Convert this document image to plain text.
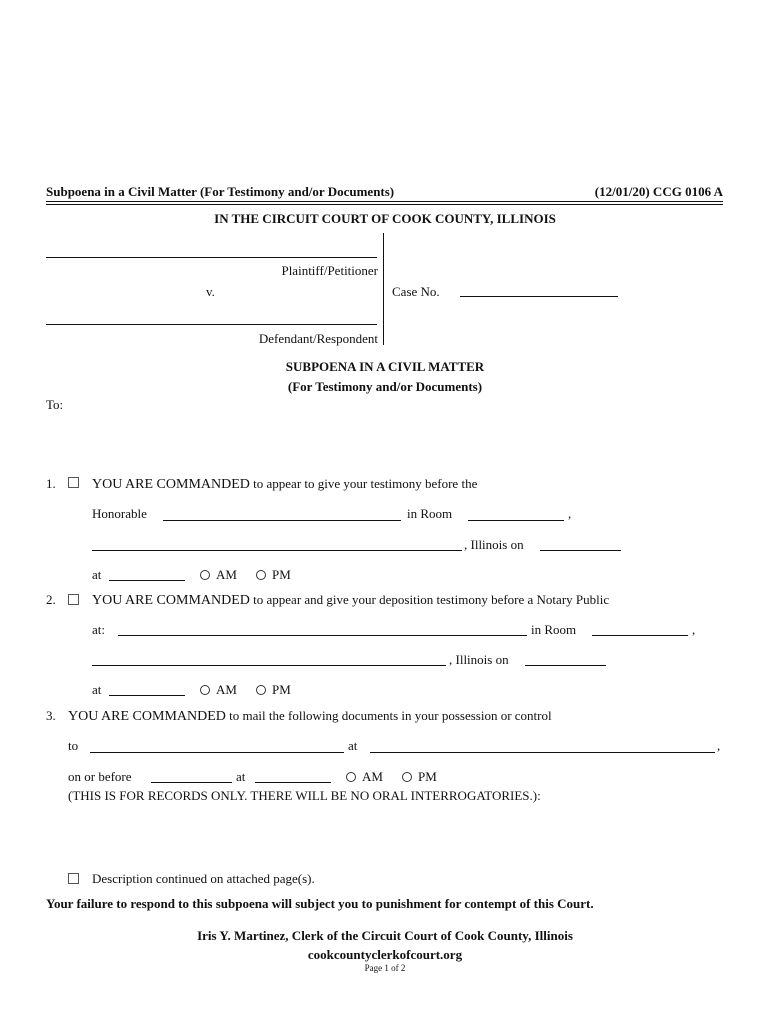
Subpoena in a Civil Matter (For Testimony and/or Documents)	(12/01/20) CCG 0106 A
IN THE CIRCUIT COURT OF COOK COUNTY, ILLINOIS
Plaintiff/Petitioner
v.
Defendant/Respondent
Case No.
SUBPOENA IN A CIVIL MATTER
(For Testimony and/or Documents)
To:
1.	YOU ARE COMMANDED to appear to give your testimony before the
Honorable	in Room	,
, Illinois on
at	AM	PM
2.	YOU ARE COMMANDED to appear and give your deposition testimony before a Notary Public
at:	in Room	,
, Illinois on
at	AM	PM
3. YOU ARE COMMANDED to mail the following documents in your possession or control
to	at	,
on or before	at	AM	PM
(THIS IS FOR RECORDS ONLY. THERE WILL BE NO ORAL INTERROGATORIES.):
Description continued on attached page(s).
Your failure to respond to this subpoena will subject you to punishment for contempt of this Court.
Iris Y. Martinez, Clerk of the Circuit Court of Cook County, Illinois
cookcountyclerkofcourt.org
Page 1 of 2
